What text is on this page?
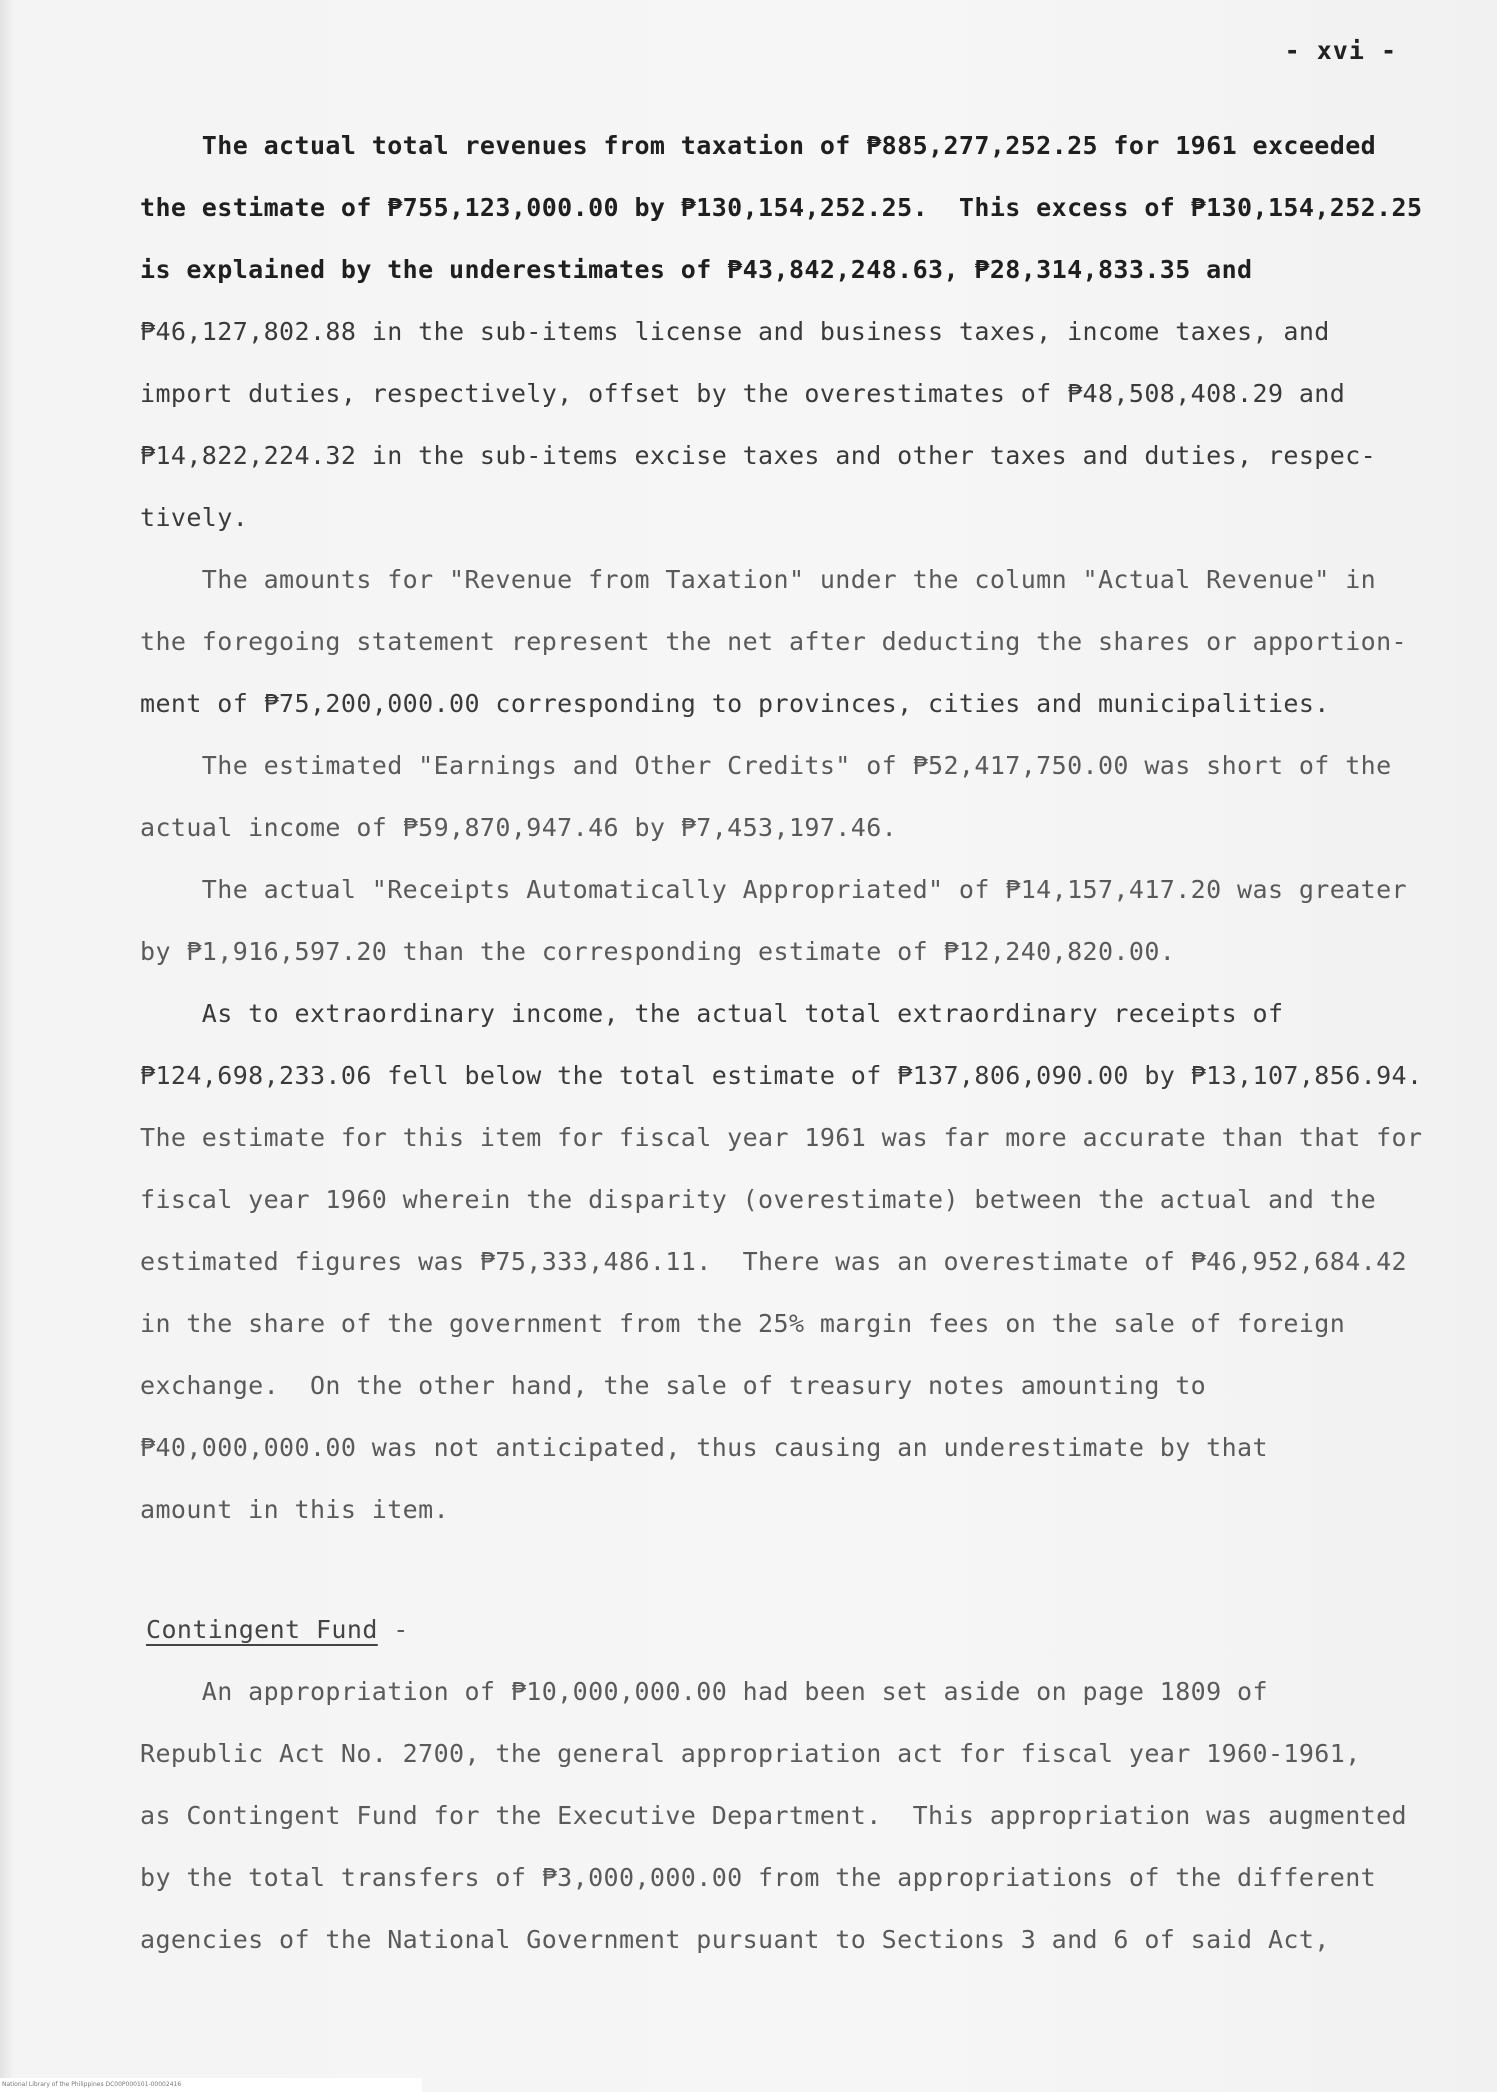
- xvi -
The actual total revenues from taxation of ₱885,277,252.25 for 1961 exceeded
the estimate of ₱755,123,000.00 by ₱130,154,252.25.  This excess of ₱130,154,252.25
is explained by the underestimates of ₱43,842,248.63, ₱28,314,833.35 and
₱46,127,802.88 in the sub-items license and business taxes, income taxes, and
import duties, respectively, offset by the overestimates of ₱48,508,408.29 and
₱14,822,224.32 in the sub-items excise taxes and other taxes and duties, respec-
tively.
The amounts for "Revenue from Taxation" under the column "Actual Revenue" in
the foregoing statement represent the net after deducting the shares or apportion-
ment of ₱75,200,000.00 corresponding to provinces, cities and municipalities.
The estimated "Earnings and Other Credits" of ₱52,417,750.00 was short of the
actual income of ₱59,870,947.46 by ₱7,453,197.46.
The actual "Receipts Automatically Appropriated" of ₱14,157,417.20 was greater
by ₱1,916,597.20 than the corresponding estimate of ₱12,240,820.00.
As to extraordinary income, the actual total extraordinary receipts of
₱124,698,233.06 fell below the total estimate of ₱137,806,090.00 by ₱13,107,856.94.
The estimate for this item for fiscal year 1961 was far more accurate than that for
fiscal year 1960 wherein the disparity (overestimate) between the actual and the
estimated figures was ₱75,333,486.11.  There was an overestimate of ₱46,952,684.42
in the share of the government from the 25% margin fees on the sale of foreign
exchange.  On the other hand, the sale of treasury notes amounting to
₱40,000,000.00 was not anticipated, thus causing an underestimate by that
amount in this item.
Contingent Fund -
An appropriation of ₱10,000,000.00 had been set aside on page 1809 of
Republic Act No. 2700, the general appropriation act for fiscal year 1960-1961,
as Contingent Fund for the Executive Department.  This appropriation was augmented
by the total transfers of ₱3,000,000.00 from the appropriations of the different
agencies of the National Government pursuant to Sections 3 and 6 of said Act,
National Library of the Philippines DC00P000101-00002416
